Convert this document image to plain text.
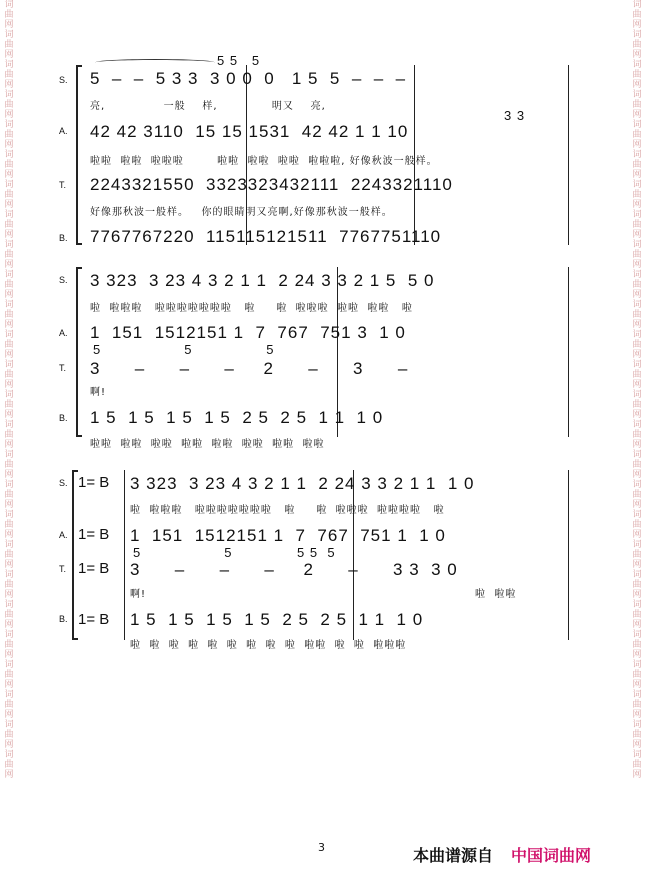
词曲网 词曲网 词曲网 词曲网 词曲网 词曲网 词曲网 词曲网 词曲网 词曲网 词曲网 词曲网 词曲网 词曲网 词曲网 词曲网 词曲网 词曲网 词曲网 词曲网 词曲网 词曲网 词曲网 词曲网 词曲网 词曲网
词曲网 词曲网 词曲网 词曲网 词曲网 词曲网 词曲网 词曲网 词曲网 词曲网 词曲网 词曲网 词曲网 词曲网 词曲网 词曲网 词曲网 词曲网 词曲网 词曲网 词曲网 词曲网 词曲网 词曲网 词曲网 词曲网
S.
A.
T.
B.
5 5   5
5  –  –  5 3 3  3 0 0  0   1 5  5  –  –  –
亮,              一般    样,             明又    亮,
3 3
42 42 3110  15 15 1531  42 42 1 1 10
啦啦  啦啦  啦啦啦        啦啦  啦啦  啦啦  啦啦啦, 好像秋波一般样。
2243321550  3323323432111  2243321110
好像那秋波一般样。   你的眼睛明又亮啊,好像那秋波一般样。
7767767220  115115121511  7767751110
S.
A.
T.
B.
3 323  3 23 4 3 2 1 1  2 24 3 3 2 1 5  5 0
啦  啦啦啦   啦啦啦啦啦啦啦   啦     啦  啦啦啦  啦啦  啦啦   啦
1  151  1512151 1  7  767  751 3  1 0
5                  5                5
3      –      –      –     2      –      3      –
啊!
1 5  1 5  1 5  1 5  2 5  2 5  1 1  1 0
啦啦  啦啦  啦啦  啦啦  啦啦  啦啦  啦啦  啦啦
S.
A.
T.
B.
1= B
1= B
1= B
1= B
3 323  3 23 4 3 2 1 1  2 24 3 3 2 1 1  1 0
啦  啦啦啦   啦啦啦啦啦啦啦   啦     啦  啦啦啦  啦啦啦啦   啦
1  151  1512151 1  7  767  751 1  1 0
5                  5              5 5  5
3      –      –      –     2      –      3 3  3 0
啊!	啦  啦啦
1 5  1 5  1 5  1 5  2 5  2 5  1 1  1 0
啦  啦  啦  啦  啦  啦  啦  啦  啦  啦啦  啦  啦  啦啦啦
3	本曲谱源自 中国词曲网
